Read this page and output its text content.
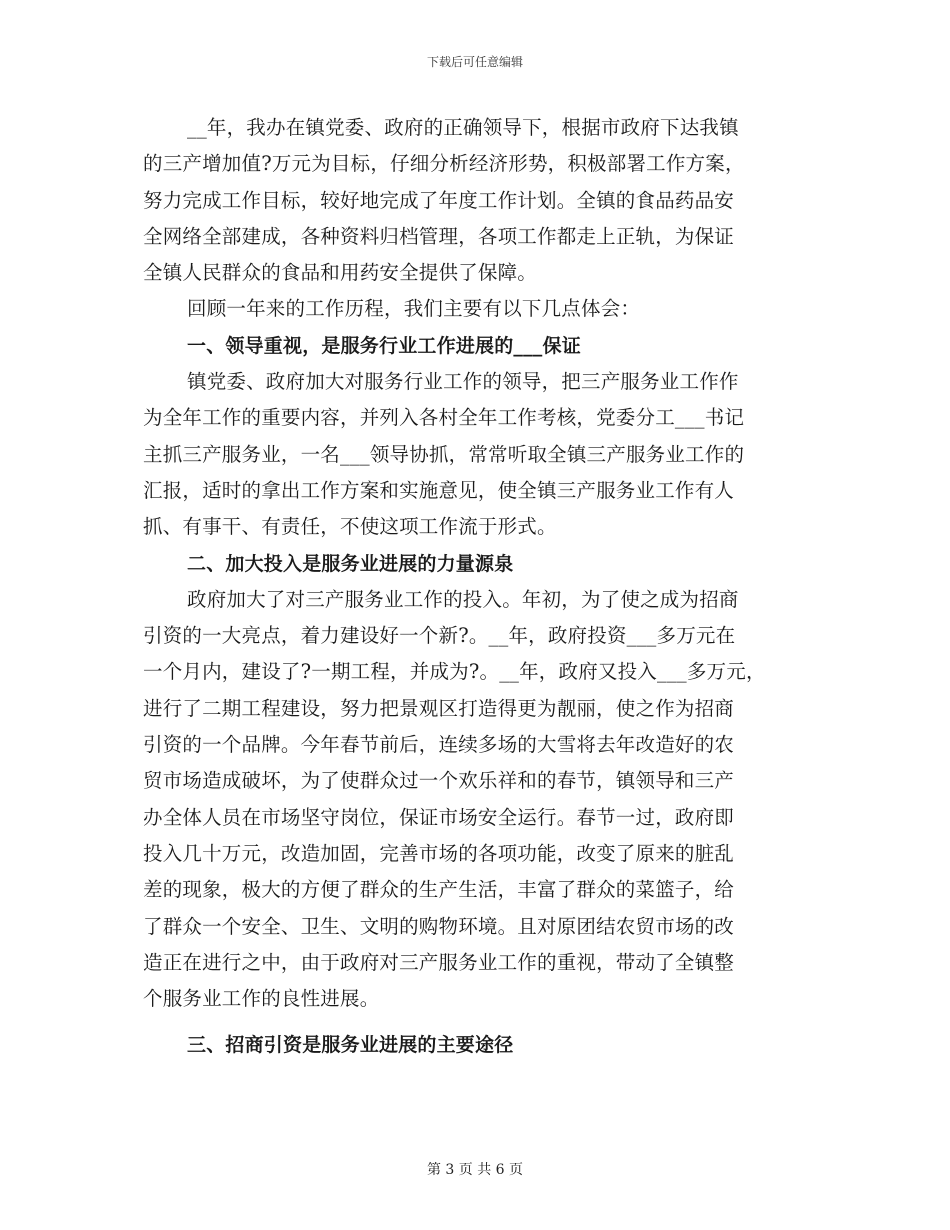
下载后可任意编辑
__年，我办在镇党委、政府的正确领导下，根据市政府下达我镇
的三产增加值?万元为目标，仔细分析经济形势，积极部署工作方案，
努力完成工作目标，较好地完成了年度工作计划。全镇的食品药品安
全网络全部建成，各种资料归档管理，各项工作都走上正轨，为保证
全镇人民群众的食品和用药安全提供了保障。
回顾一年来的工作历程，我们主要有以下几点体会：
一、领导重视，是服务行业工作进展的___保证
镇党委、政府加大对服务行业工作的领导，把三产服务业工作作
为全年工作的重要内容，并列入各村全年工作考核，党委分工___书记
主抓三产服务业，一名___领导协抓，常常听取全镇三产服务业工作的
汇报，适时的拿出工作方案和实施意见，使全镇三产服务业工作有人
抓、有事干、有责任，不使这项工作流于形式。
二、加大投入是服务业进展的力量源泉
政府加大了对三产服务业工作的投入。年初，为了使之成为招商
引资的一大亮点，着力建设好一个新?。__年，政府投资___多万元在
一个月内，建设了?一期工程，并成为?。__年，政府又投入___多万元，
进行了二期工程建设，努力把景观区打造得更为靓丽，使之作为招商
引资的一个品牌。今年春节前后，连续多场的大雪将去年改造好的农
贸市场造成破坏，为了使群众过一个欢乐祥和的春节，镇领导和三产
办全体人员在市场坚守岗位，保证市场安全运行。春节一过，政府即
投入几十万元，改造加固，完善市场的各项功能，改变了原来的脏乱
差的现象，极大的方便了群众的生产生活，丰富了群众的菜篮子，给
了群众一个安全、卫生、文明的购物环境。且对原团结农贸市场的改
造正在进行之中，由于政府对三产服务业工作的重视，带动了全镇整
个服务业工作的良性进展。
三、招商引资是服务业进展的主要途径
第 3 页 共 6 页
